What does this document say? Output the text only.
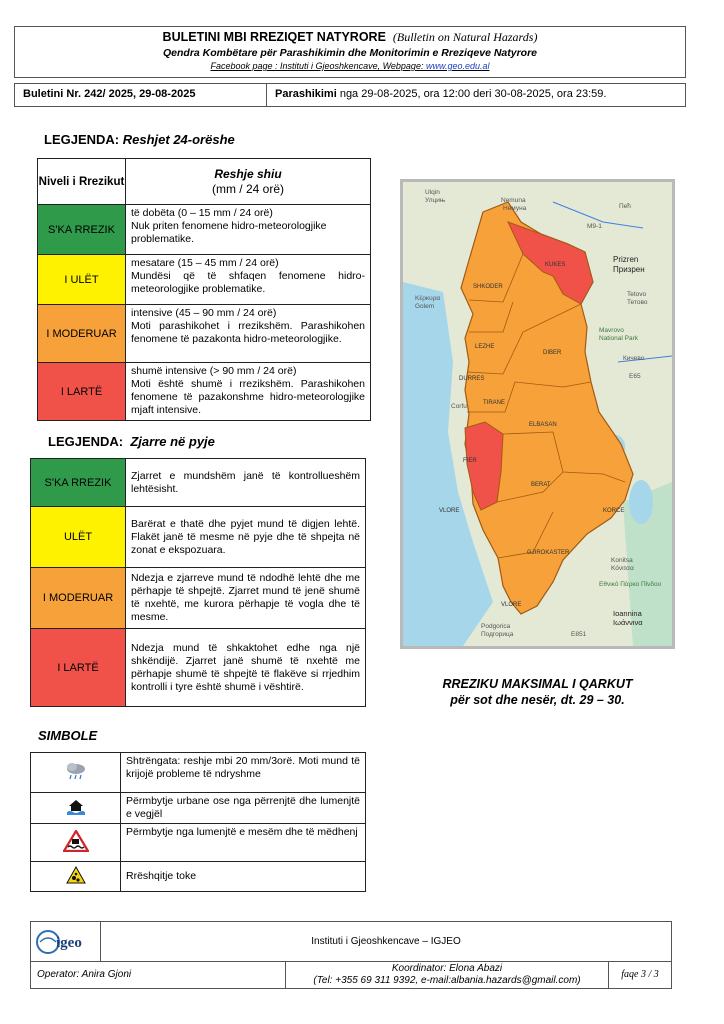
BULETINI MBI RREZIQET NATYRORE (Bulletin on Natural Hazards)
Qendra Kombëtare për Parashikimin dhe Monitorimin e Rreziqeve Natyrore
Facebook page : Instituti i Gjeoshkencave, Webpage: www.geo.edu.al
Buletini Nr. 242/ 2025, 29-08-2025	Parashikimi nga 29-08-2025, ora 12:00 deri 30-08-2025, ora 23:59.
LEGJENDA: Reshjet 24-orëshe
Niveli i Rrezikut	Reshje shiu
(mm / 24 orë)

S'KA RREZIK	të dobëta (0 – 15 mm / 24 orë)
Nuk priten fenomene hidro-meteorologjike problematike.

I ULËT	mesatare (15 – 45 mm / 24 orë)
Mundësi që të shfaqen fenomene hidro-meteorologjike problematike.

I MODERUAR	intensive (45 – 90 mm / 24 orë)
Moti parashikohet i rrezikshëm. Parashikohen fenomene të pazakonta hidro-meteorologjike.

I LARTË	shumë intensive (> 90 mm / 24 orë)
Moti është shumë i rrezikshëm. Parashikohen fenomene të pazakonshme hidro-meteorologjike mjaft intensive.
LEGJENDA: Zjarre në pyje
S'KA RREZIK	Zjarret e mundshëm janë të kontrollueshëm lehtësisht.
ULËT	Barërat e thatë dhe pyjet mund të digjen lehtë. Flakët janë të mesme në pyje dhe të shpejta në zonat e ekspozuara.
I MODERUAR	Ndezja e zjarreve mund të ndodhë lehtë dhe me përhapje të shpejtë. Zjarret mund të jenë shumë të nxehtë, me kurora përhapje të vogla dhe të mesme.
I LARTË	Ndezja mund të shkaktohet edhe nga një shkëndijë. Zjarret janë shumë të nxehtë me përhapje shumë të shpejtë të flakëve si rrjedhim kontrolli i tyre është shumë i vështirë.
SIMBOLE
	Shtrëngata: reshje mbi 20 mm/3orë. Moti mund të krijojë probleme të ndryshme
	Përmbytje urbane ose nga përrenjtë dhe lumenjtë e vegjël
	Përmbytje nga lumenjtë e mesëm dhe të mëdhenj
	Rrëshqitje toke
SHKODER
KUKES
LEZHE
DIBER
DURRES
TIRANE
ELBASAN
FIER
BERAT
KORCE
VLORE
GJIROKASTER
VLORE
Ulqin
Улцињ	Nemuna
Немуна	Пећ
M9-1
Prizren
Призрен
Tetovo
Тетово
Κέρκυρα
Golem
Mavrovo
National Park
Кичево
E65
Corfu
Konitsa
Κόνιτσα
Εθνικό Πάρκο Πίνδου
Ioannina
Ιωάννινα
Podgorica
Подгорица	E851
RREZIKU MAKSIMAL I QARKUT
për sot dhe nesër, dt. 29 – 30.
igeo	Instituti i Gjeoshkencave – IGJEO
Operator: Anira Gjoni
Koordinator: Elona Abazi
(Tel: +355 69 311 9392, e-mail:albania.hazards@gmail.com)
faqe 3 / 3
